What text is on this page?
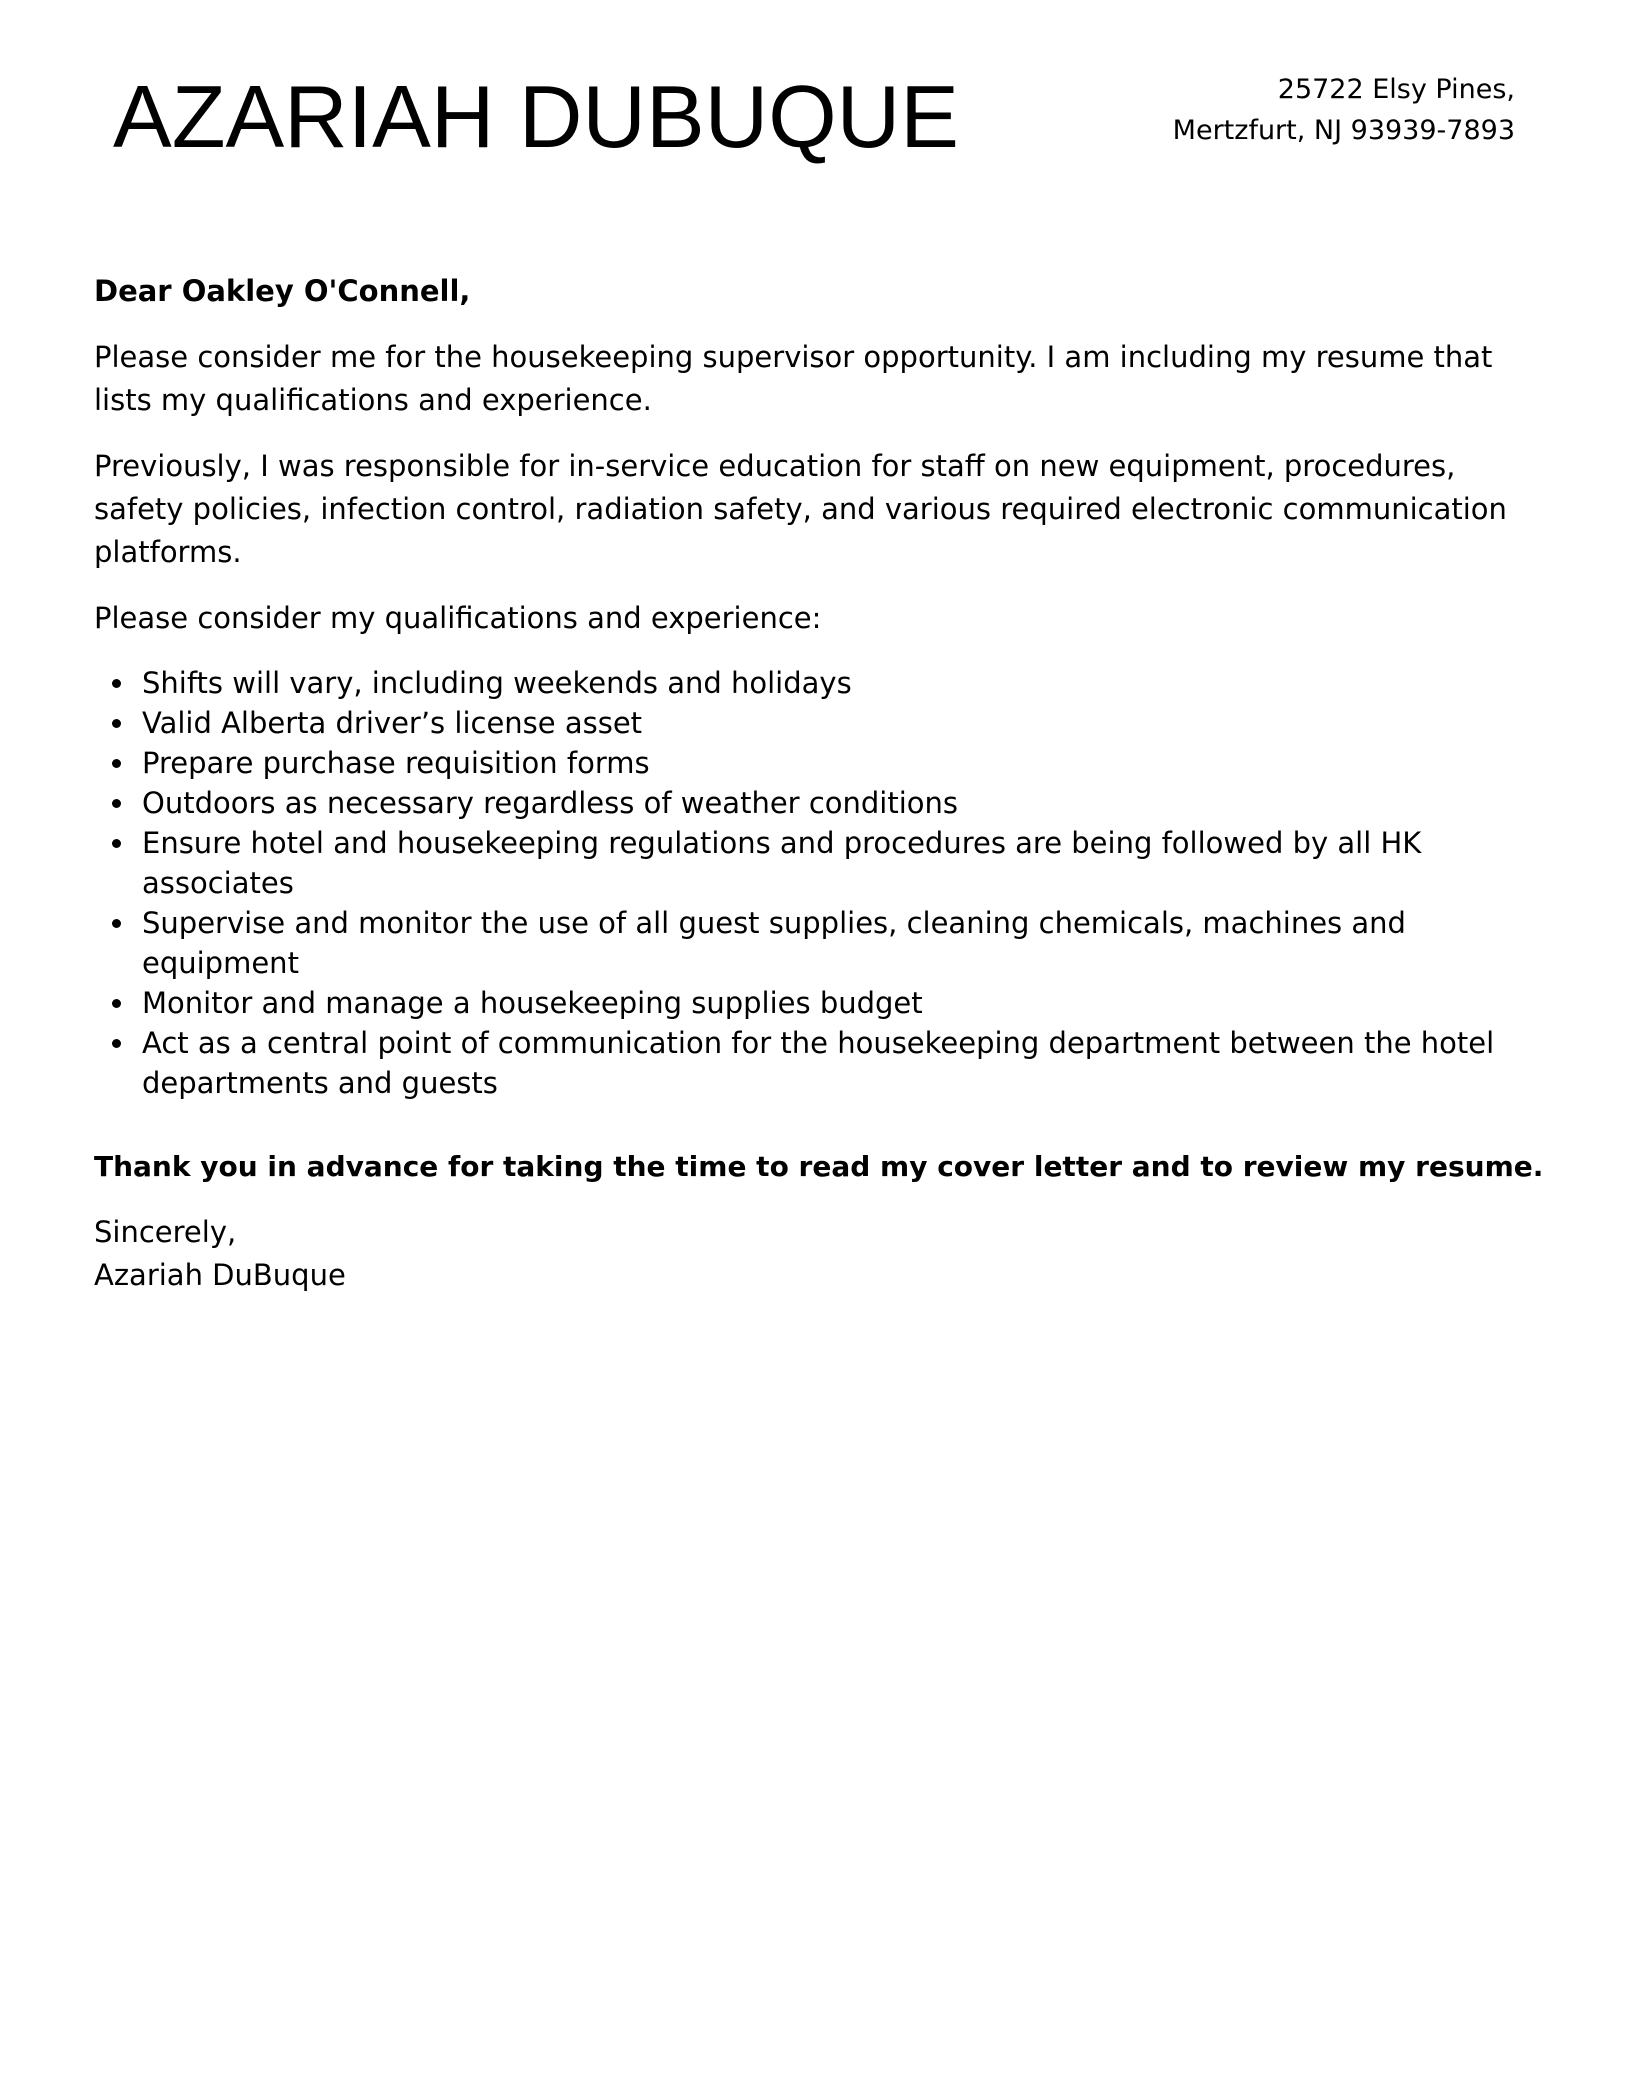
AZARIAH DUBUQUE	25722 Elsy Pines,
Mertzfurt, NJ 93939-7893

Dear Oakley O'Connell,

Please consider me for the housekeeping supervisor opportunity. I am including my resume that lists my qualifications and experience.

Previously, I was responsible for in-service education for staff on new equipment, procedures, safety policies, infection control, radiation safety, and various required electronic communication platforms.

Please consider my qualifications and experience:

Shifts will vary, including weekends and holidays
Valid Alberta driver’s license asset
Prepare purchase requisition forms
Outdoors as necessary regardless of weather conditions
Ensure hotel and housekeeping regulations and procedures are being followed by all HK associates
Supervise and monitor the use of all guest supplies, cleaning chemicals, machines and equipment
Monitor and manage a housekeeping supplies budget
Act as a central point of communication for the housekeeping department between the hotel departments and guests

Thank you in advance for taking the time to read my cover letter and to review my resume.

Sincerely,
Azariah DuBuque
